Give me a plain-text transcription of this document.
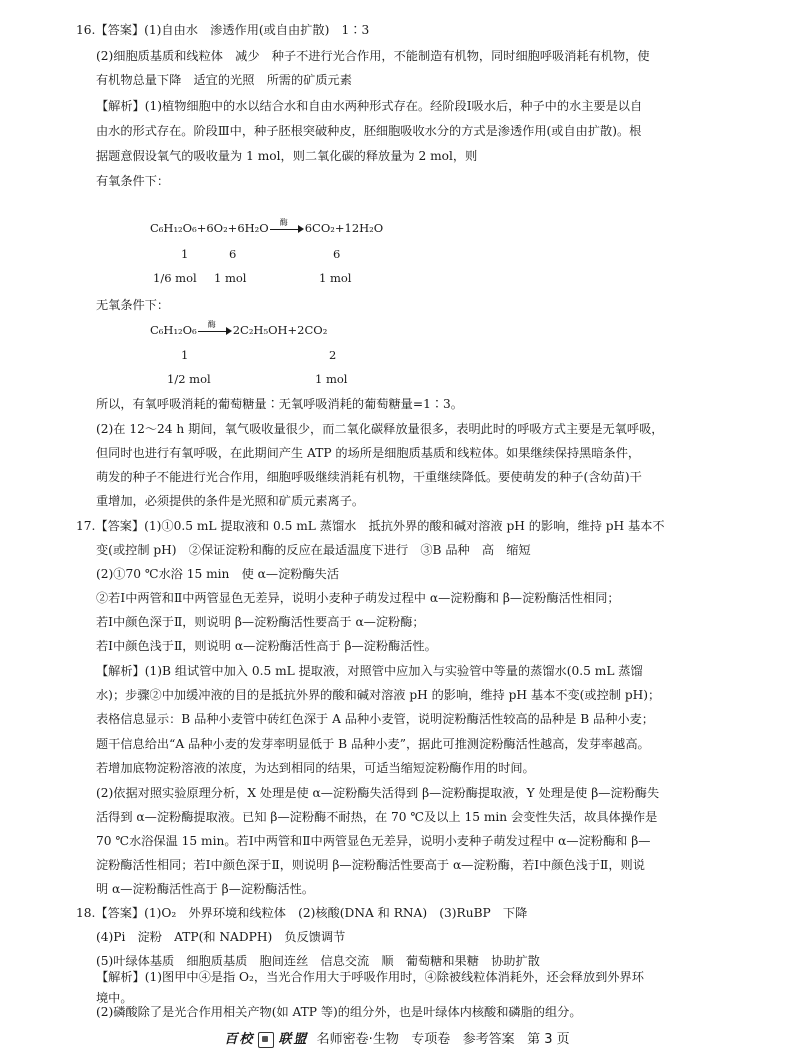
16.【答案】(1)自由水　渗透作用(或自由扩散)　1∶3
(2)细胞质基质和线粒体　减少　种子不进行光合作用，不能制造有机物，同时细胞呼吸消耗有机物，使
有机物总量下降　适宜的光照　所需的矿质元素
【解析】(1)植物细胞中的水以结合水和自由水两种形式存在。经阶段Ⅰ吸水后，种子中的水主要是以自
由水的形式存在。阶段Ⅲ中，种子胚根突破种皮，胚细胞吸收水分的方式是渗透作用(或自由扩散)。根
据题意假设氧气的吸收量为 1 mol，则二氧化碳的释放量为 2 mol，则
有氧条件下：
C₆H₁₂O₆+6O₂+6H₂O 酶 6CO₂+12H₂O
1	6	6
1/6 mol 1 mol	1 mol
无氧条件下：
C₆H₁₂O₆ 酶 2C₂H₅OH+2CO₂
1	2
1/2 mol	1 mol
所以，有氧呼吸消耗的葡萄糖量∶无氧呼吸消耗的葡萄糖量=1∶3。
(2)在 12～24 h 期间，氧气吸收量很少，而二氧化碳释放量很多，表明此时的呼吸方式主要是无氧呼吸，
但同时也进行有氧呼吸，在此期间产生 ATP 的场所是细胞质基质和线粒体。如果继续保持黑暗条件，
萌发的种子不能进行光合作用，细胞呼吸继续消耗有机物，干重继续降低。要使萌发的种子(含幼苗)干
重增加，必须提供的条件是光照和矿质元素离子。
17.【答案】(1)①0.5 mL 提取液和 0.5 mL 蒸馏水　抵抗外界的酸和碱对溶液 pH 的影响，维持 pH 基本不
变(或控制 pH)　②保证淀粉和酶的反应在最适温度下进行　③B 品种　高　缩短
(2)①70 ℃水浴 15 min　使 α—淀粉酶失活
②若Ⅰ中两管和Ⅱ中两管显色无差异，说明小麦种子萌发过程中 α—淀粉酶和 β—淀粉酶活性相同；
若Ⅰ中颜色深于Ⅱ，则说明 β—淀粉酶活性要高于 α—淀粉酶；
若Ⅰ中颜色浅于Ⅱ，则说明 α—淀粉酶活性高于 β—淀粉酶活性。
【解析】(1)B 组试管中加入 0.5 mL 提取液，对照管中应加入与实验管中等量的蒸馏水(0.5 mL 蒸馏
水)；步骤②中加缓冲液的目的是抵抗外界的酸和碱对溶液 pH 的影响，维持 pH 基本不变(或控制 pH)；
表格信息显示：B 品种小麦管中砖红色深于 A 品种小麦管，说明淀粉酶活性较高的品种是 B 品种小麦；
题干信息给出“A 品种小麦的发芽率明显低于 B 品种小麦”，据此可推测淀粉酶活性越高，发芽率越高。
若增加底物淀粉溶液的浓度，为达到相同的结果，可适当缩短淀粉酶作用的时间。
(2)依据对照实验原理分析，X 处理是使 α—淀粉酶失活得到 β—淀粉酶提取液，Y 处理是使 β—淀粉酶失
活得到 α—淀粉酶提取液。已知 β—淀粉酶不耐热，在 70 ℃及以上 15 min 会变性失活，故具体操作是
70 ℃水浴保温 15 min。若Ⅰ中两管和Ⅱ中两管显色无差异，说明小麦种子萌发过程中 α—淀粉酶和 β—
淀粉酶活性相同；若Ⅰ中颜色深于Ⅱ，则说明 β—淀粉酶活性要高于 α—淀粉酶，若Ⅰ中颜色浅于Ⅱ，则说
明 α—淀粉酶活性高于 β—淀粉酶活性。
18.【答案】(1)O₂　外界环境和线粒体　(2)核酸(DNA 和 RNA)　(3)RuBP　下降
(4)Pi　淀粉　ATP(和 NADPH)　负反馈调节
(5)叶绿体基质　细胞质基质　胞间连丝　信息交流　顺　葡萄糖和果糖　协助扩散
【解析】(1)图甲中④是指 O₂，当光合作用大于呼吸作用时，④除被线粒体消耗外，还会释放到外界环
境中。
百校 联盟 名师密卷·生物 专项卷 参考答案 第 3 页
(2)磷酸除了是光合作用相关产物(如 ATP 等)的组分外，也是叶绿体内核酸和磷脂的组分。
